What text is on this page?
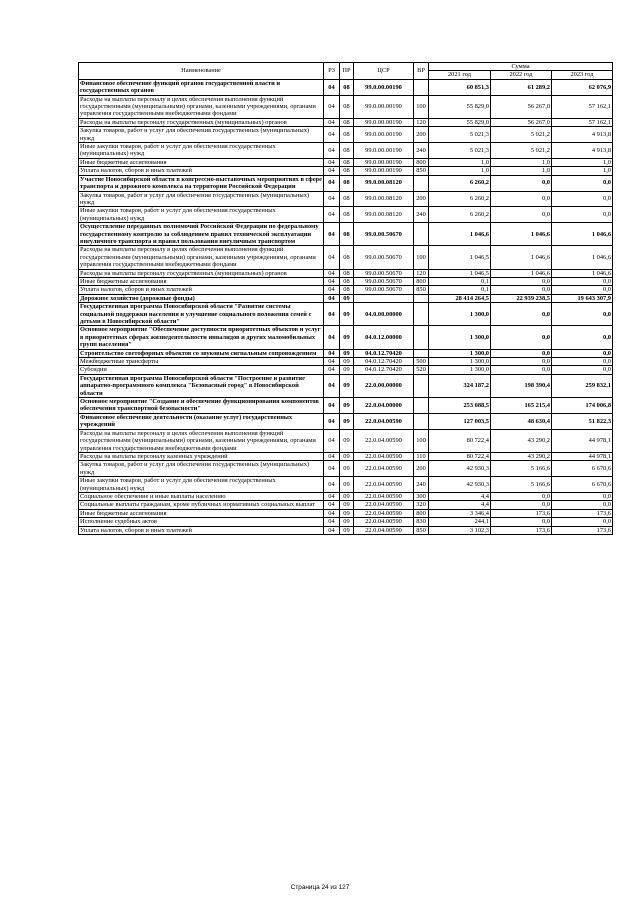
Наименование	РЗ	ПР	ЦСР	ВР	Сумма		
					2021 год	2022 год	2023 год
Финансовое обеспечение функций органов государственной власти и государственных органов	04	08	99.0.00.00190		60 851,3	61 289,2	62 076,9
Расходы на выплаты персоналу в целях обеспечения выполнения функций государственными (муниципальными) органами, казенными учреждениями, органами управления государственными внебюджетными фондами	04	08	99.0.00.00190	100	55 829,0	56 267,0	57 162,1
Расходы на выплаты персоналу государственных (муниципальных) органов	04	08	99.0.00.00190	120	55 829,0	56 267,0	57 162,1
Закупка товаров, работ и услуг для обеспечения государственных (муниципальных) нужд	04	08	99.0.00.00190	200	5 021,3	5 021,2	4 913,8
Иные закупки товаров, работ и услуг для обеспечения государственных (муниципальных) нужд	04	08	99.0.00.00190	240	5 021,3	5 021,2	4 913,8
Иные бюджетные ассигнования	04	08	99.0.00.00190	800	1,0	1,0	1,0
Уплата налогов, сборов и иных платежей	04	08	99.0.00.00190	850	1,0	1,0	1,0
Участие Новосибирской области в конгрессно-выставочных мероприятиях в сфере транспорта и дорожного комплекса на территории Российской Федерации	04	08	99.0.00.08120		6 260,2	0,0	0,0
Закупка товаров, работ и услуг для обеспечения государственных (муниципальных) нужд	04	08	99.0.00.08120	200	6 260,2	0,0	0,0
Иные закупки товаров, работ и услуг для обеспечения государственных (муниципальных) нужд	04	08	99.0.00.08120	240	6 260,2	0,0	0,0
Осуществление переданных полномочий Российской Федерации по федеральному государственному контролю за соблюдением правил технической эксплуатации внеуличного транспорта и правил пользования внеуличным транспортом	04	08	99.0.00.50670		1 046,6	1 046,6	1 046,6
Расходы на выплаты персоналу в целях обеспечения выполнения функций государственными (муниципальными) органами, казенными учреждениями, органами управления государственными внебюджетными фондами	04	08	99.0.00.50670	100	1 046,5	1 046,6	1 046,6
Расходы на выплаты персоналу государственных (муниципальных) органов	04	08	99.0.00.50670	120	1 046,5	1 046,6	1 046,6
Иные бюджетные ассигнования	04	08	99.0.00.50670	800	0,1	0,0	0,0
Уплата налогов, сборов и иных платежей	04	08	99.0.00.50670	850	0,1	0,0	0,0
Дорожное хозяйство (дорожные фонды)	04	09			28 414 264,5	22 939 238,5	19 643 307,9
Государственная программа Новосибирской области "Развитие системы социальной поддержки населения и улучшение социального положения семей с детьми в Новосибирской области"	04	09	04.0.00.00000		1 300,0	0,0	0,0
Основное мероприятие "Обеспечение доступности приоритетных объектов и услуг в приоритетных сферах жизнедеятельности инвалидов и других маломобильных групп населения"	04	09	04.0.12.00000		1 300,0	0,0	0,0
Строительство светофорных объектов со звуковым сигнальным сопровождением	04	09	04.0.12.70420		1 300,0	0,0	0,0
Межбюджетные трансферты	04	09	04.0.12.70420	500	1 300,0	0,0	0,0
Субсидии	04	09	04.0.12.70420	520	1 300,0	0,0	0,0
Государственная программа Новосибирской области "Построение и развитие аппаратно-программного комплекса "Безопасный город" в Новосибирской области	04	09	22.0.00.00000		324 187,2	198 390,4	259 832,1
Основное мероприятие "Создание и обеспечение функционирования компонентов обеспечения транспортной безопасности"	04	09	22.0.04.00000		253 088,5	165 215,4	174 006,8
Финансовое обеспечение деятельности (оказание услуг) государственных учреждений	04	09	22.0.04.00590		127 003,5	48 630,4	51 822,3
Расходы на выплаты персоналу в целях обеспечения выполнения функций государственными (муниципальными) органами, казенными учреждениями, органами управления государственными внебюджетными фондами	04	09	22.0.04.00590	100	80 722,4	43 290,2	44 978,1
Расходы на выплаты персоналу казенных учреждений	04	09	22.0.04.00590	110	80 722,4	43 290,2	44 978,1
Закупка товаров, работ и услуг для обеспечения государственных (муниципальных) нужд	04	09	22.0.04.00590	200	42 930,3	5 166,6	6 670,6
Иные закупки товаров, работ и услуг для обеспечения государственных (муниципальных) нужд	04	09	22.0.04.00590	240	42 930,3	5 166,6	6 670,6
Социальное обеспечение и иные выплаты населению	04	09	22.0.04.00590	300	4,4	0,0	0,0
Социальные выплаты гражданам, кроме публичных нормативных социальных выплат	04	09	22.0.04.00590	320	4,4	0,0	0,0
Иные бюджетные ассигнования	04	09	22.0.04.00590	800	3 346,4	173,6	173,6
Исполнение судебных актов	04	09	22.0.04.00590	830	244,1	0,0	0,0
Уплата налогов, сборов и иных платежей	04	09	22.0.04.00590	850	3 102,3	173,6	173,6
Страница 24 из 127
